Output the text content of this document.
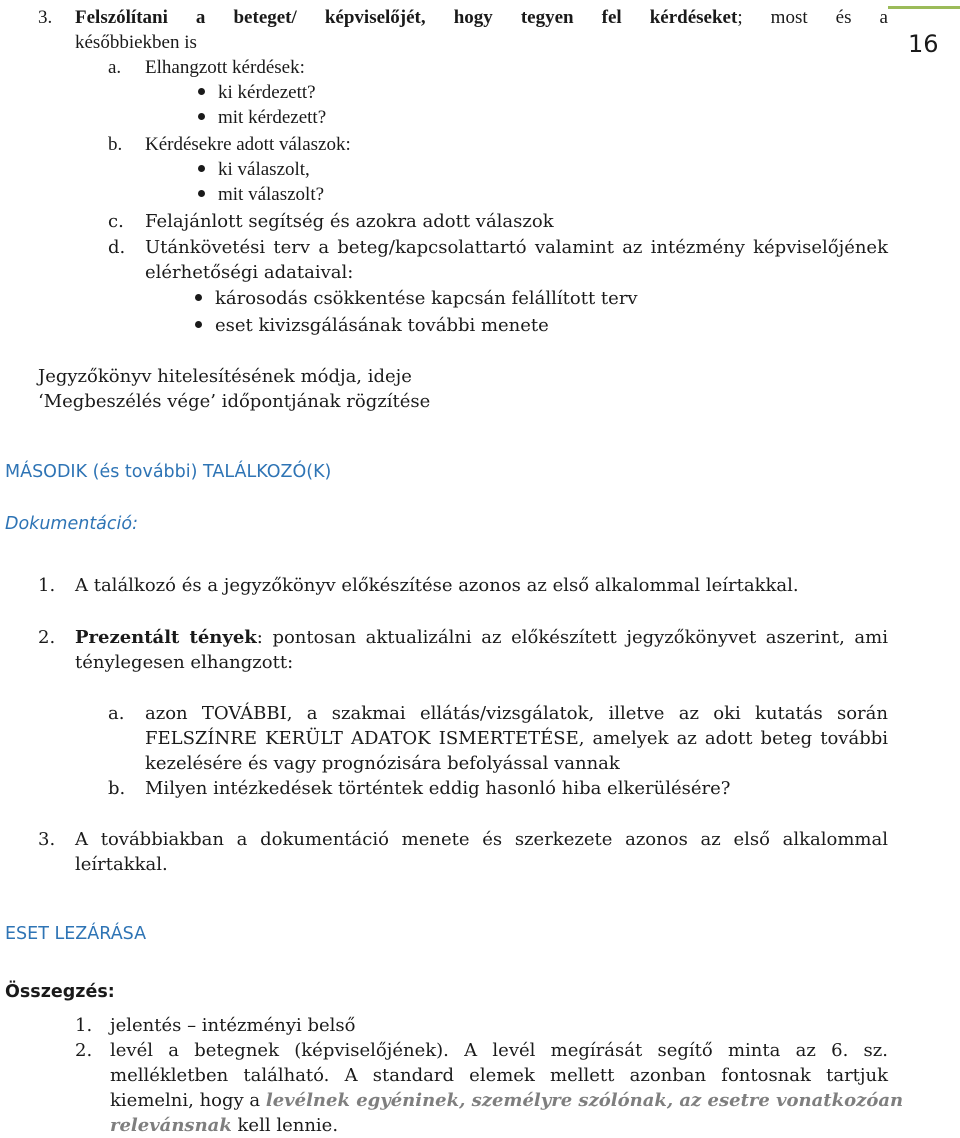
16
3. Felszólítani a beteget/ képviselőjét, hogy tegyen fel kérdéseket; most és a
későbbiekben is
a. Elhangzott kérdések:
ki kérdezett?
mit kérdezett?
b. Kérdésekre adott válaszok:
ki válaszolt,
mit válaszolt?
c. Felajánlott segítség és azokra adott válaszok
d. Utánkövetési terv a beteg/kapcsolattartó valamint az intézmény képviselőjének
elérhetőségi adataival:
károsodás csökkentése kapcsán felállított terv
eset kivizsgálásának további menete
Jegyzőkönyv hitelesítésének módja, ideje
‘Megbeszélés vége’ időpontjának rögzítése
MÁSODIK (és további) TALÁLKOZÓ(K)
Dokumentáció:
1. A találkozó és a jegyzőkönyv előkészítése azonos az első alkalommal leírtakkal.
2. Prezentált tények: pontosan aktualizálni az előkészített jegyzőkönyvet aszerint, ami
ténylegesen elhangzott:
a. azon TOVÁBBI, a szakmai ellátás/vizsgálatok, illetve az oki kutatás során
FELSZÍNRE KERÜLT ADATOK ISMERTETÉSE, amelyek az adott beteg további
kezelésére és vagy prognózisára befolyással vannak
b. Milyen intézkedések történtek eddig hasonló hiba elkerülésére?
3. A továbbiakban a dokumentáció menete és szerkezete azonos az első alkalommal
leírtakkal.
ESET LEZÁRÁSA
Összegzés:
1. jelentés – intézményi belső
2. levél a betegnek (képviselőjének). A levél megírását segítő minta az 6. sz.
mellékletben található. A standard elemek mellett azonban fontosnak tartjuk
kiemelni, hogy a levélnek egyéninek, személyre szólónak, az esetre vonatkozóan
relevánsnak kell lennie.
